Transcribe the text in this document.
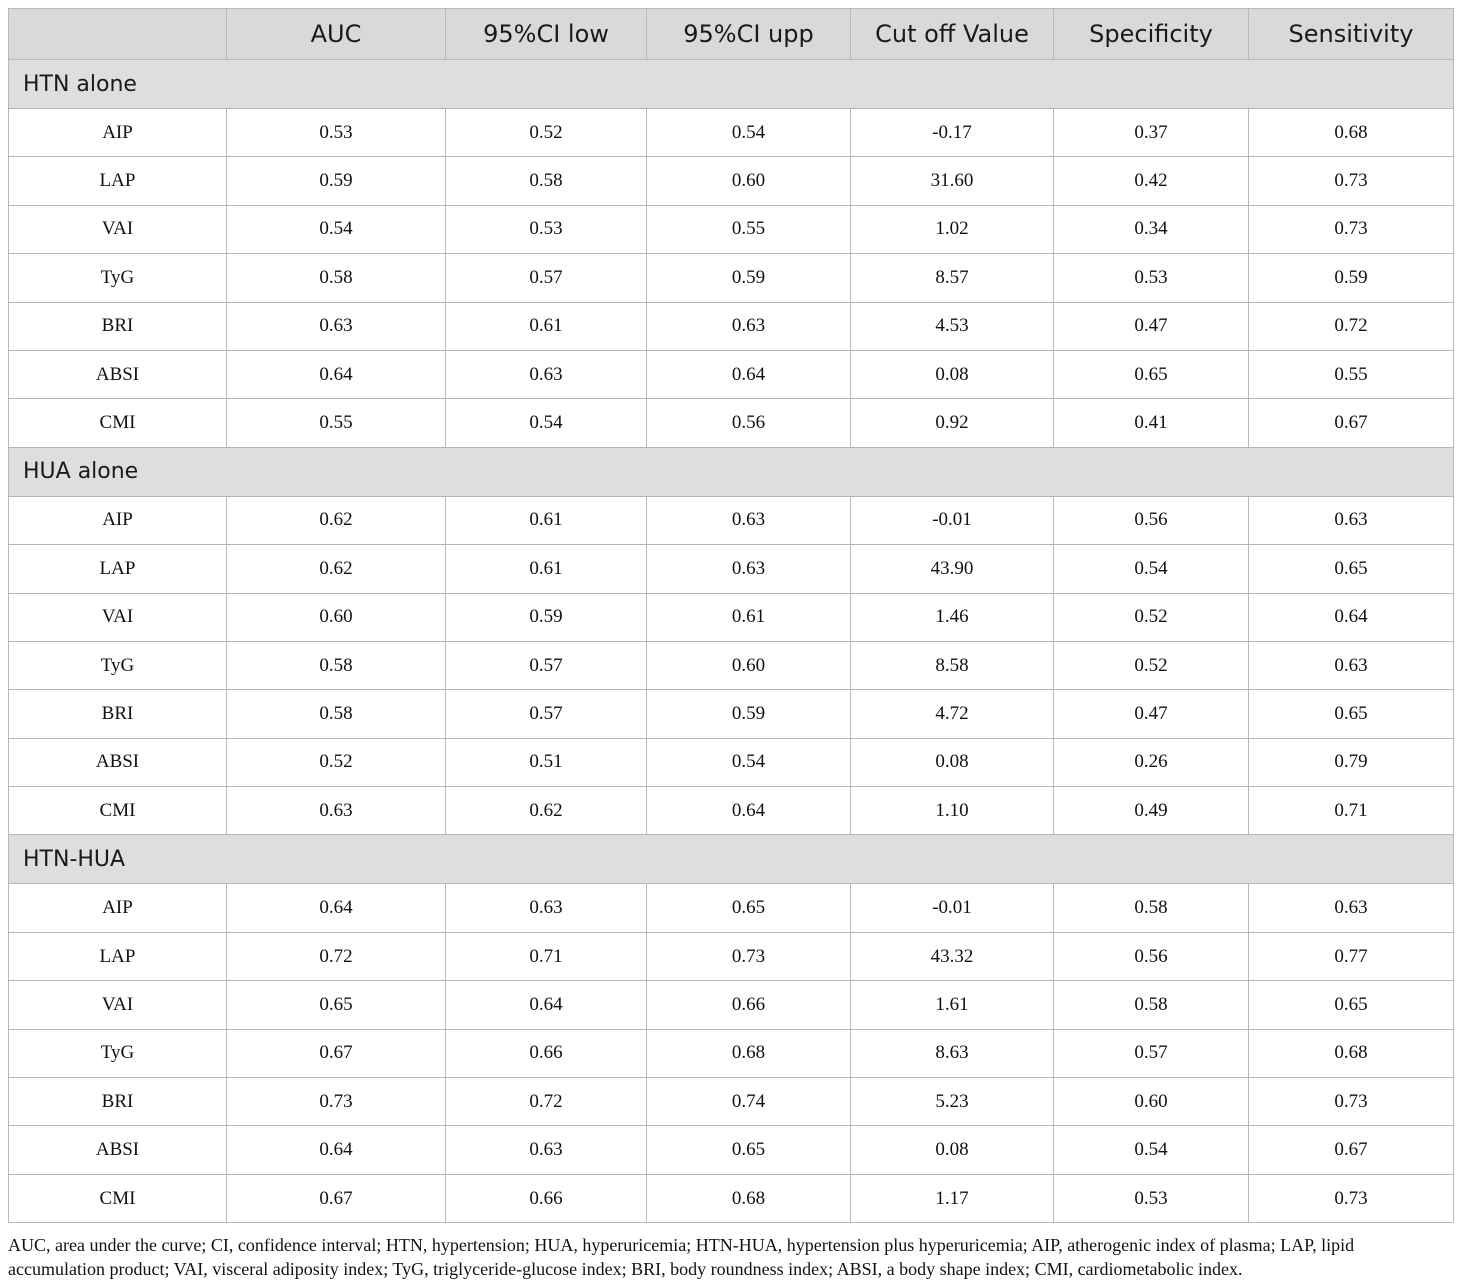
	AUC	95%CI low	95%CI upp	Cut off Value	Specificity	Sensitivity
HTN alone						
AIP	0.53	0.52	0.54	-0.17	0.37	0.68
LAP	0.59	0.58	0.60	31.60	0.42	0.73
VAI	0.54	0.53	0.55	1.02	0.34	0.73
TyG	0.58	0.57	0.59	8.57	0.53	0.59
BRI	0.63	0.61	0.63	4.53	0.47	0.72
ABSI	0.64	0.63	0.64	0.08	0.65	0.55
CMI	0.55	0.54	0.56	0.92	0.41	0.67
HUA alone						
AIP	0.62	0.61	0.63	-0.01	0.56	0.63
LAP	0.62	0.61	0.63	43.90	0.54	0.65
VAI	0.60	0.59	0.61	1.46	0.52	0.64
TyG	0.58	0.57	0.60	8.58	0.52	0.63
BRI	0.58	0.57	0.59	4.72	0.47	0.65
ABSI	0.52	0.51	0.54	0.08	0.26	0.79
CMI	0.63	0.62	0.64	1.10	0.49	0.71
HTN-HUA						
AIP	0.64	0.63	0.65	-0.01	0.58	0.63
LAP	0.72	0.71	0.73	43.32	0.56	0.77
VAI	0.65	0.64	0.66	1.61	0.58	0.65
TyG	0.67	0.66	0.68	8.63	0.57	0.68
BRI	0.73	0.72	0.74	5.23	0.60	0.73
ABSI	0.64	0.63	0.65	0.08	0.54	0.67
CMI	0.67	0.66	0.68	1.17	0.53	0.73
AUC, area under the curve; CI, confidence interval; HTN, hypertension; HUA, hyperuricemia; HTN-HUA, hypertension plus hyperuricemia; AIP, atherogenic index of plasma; LAP, lipid accumulation product; VAI, visceral adiposity index; TyG, triglyceride-glucose index; BRI, body roundness index; ABSI, a body shape index; CMI, cardiometabolic index.
